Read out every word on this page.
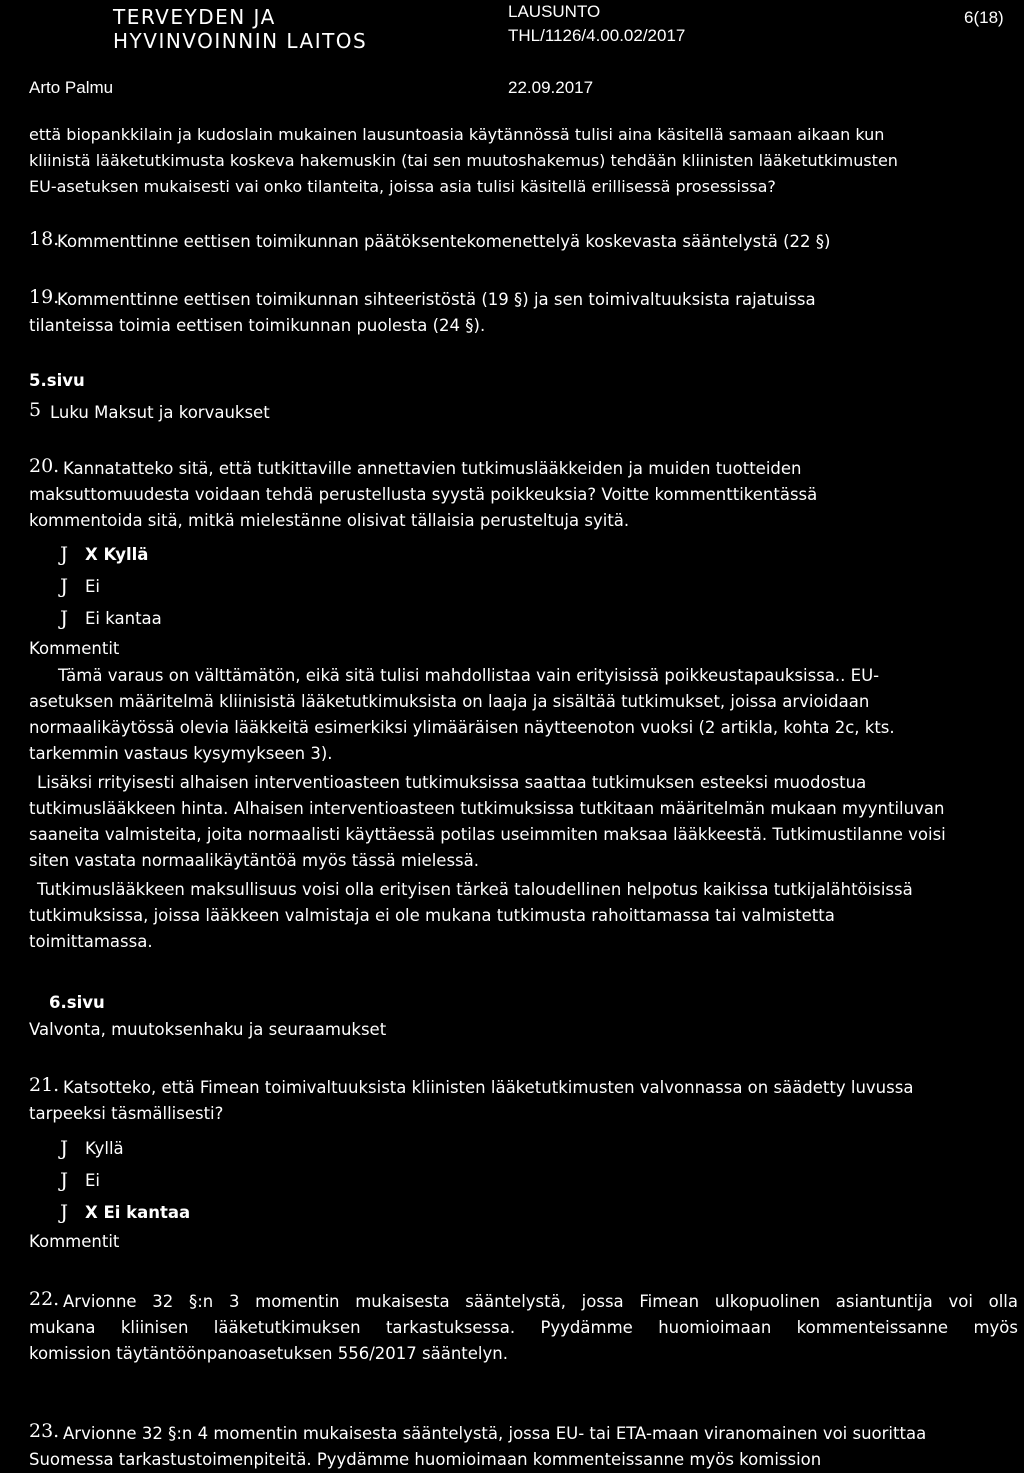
TERVEYDEN JA
HYVINVOINNIN LAITOS
LAUSUNTO
THL/1126/4.00.02/2017
6(18)
Arto Palmu	22.09.2017
että biopankkilain ja kudoslain mukainen lausuntoasia käytännössä tulisi aina käsitellä samaan aikaan kun
kliinistä lääketutkimusta koskeva hakemuskin (tai sen muutoshakemus) tehdään kliinisten lääketutkimusten
EU-asetuksen mukaisesti vai onko tilanteita, joissa asia tulisi käsitellä erillisessä prosessissa?
18.
Kommenttinne eettisen toimikunnan päätöksentekomenettelyä koskevasta sääntelystä (22 §)
19.
Kommenttinne eettisen toimikunnan sihteeristöstä (19 §) ja sen toimivaltuuksista rajatuissa
tilanteissa toimia eettisen toimikunnan puolesta (24 §).
5.sivu
5 Luku Maksut ja korvaukset
20. Kannatatteko sitä, että tutkittaville annettavien tutkimuslääkkeiden ja muiden tuotteiden
maksuttomuudesta voidaan tehdä perustellusta syystä poikkeuksia? Voitte kommenttikentässä
kommentoida sitä, mitkä mielestänne olisivat tällaisia perusteltuja syitä.
J X Kyllä
J Ei
J Ei kantaa
Kommentit
Tämä varaus on välttämätön, eikä sitä tulisi mahdollistaa vain erityisissä poikkeustapauksissa.. EU-
asetuksen määritelmä kliinisistä lääketutkimuksista on laaja ja sisältää tutkimukset, joissa arvioidaan
normaalikäytössä olevia lääkkeitä esimerkiksi ylimääräisen näytteenoton vuoksi (2 artikla, kohta 2c, kts.
tarkemmin vastaus kysymykseen 3).
Lisäksi rrityisesti alhaisen interventioasteen tutkimuksissa saattaa tutkimuksen esteeksi muodostua
tutkimuslääkkeen hinta. Alhaisen interventioasteen tutkimuksissa tutkitaan määritelmän mukaan myyntiluvan
saaneita valmisteita, joita normaalisti käyttäessä potilas useimmiten maksaa lääkkeestä. Tutkimustilanne voisi
siten vastata normaalikäytäntöä myös tässä mielessä.
Tutkimuslääkkeen maksullisuus voisi olla erityisen tärkeä taloudellinen helpotus kaikissa tutkijalähtöisissä
tutkimuksissa, joissa lääkkeen valmistaja ei ole mukana tutkimusta rahoittamassa tai valmistetta
toimittamassa.
6.sivu
Valvonta, muutoksenhaku ja seuraamukset
21. Katsotteko, että Fimean toimivaltuuksista kliinisten lääketutkimusten valvonnassa on säädetty luvussa
tarpeeksi täsmällisesti?
J Kyllä
J Ei
J X Ei kantaa
Kommentit
22. Arvionne 32 §:n 3 momentin mukaisesta sääntelystä, jossa Fimean ulkopuolinen asiantuntija voi olla
mukana kliinisen lääketutkimuksen tarkastuksessa. Pyydämme huomioimaan kommenteissanne myös
komission täytäntöönpanoasetuksen 556/2017 sääntelyn.
23. Arvionne 32 §:n 4 momentin mukaisesta sääntelystä, jossa EU- tai ETA-maan viranomainen voi suorittaa
Suomessa tarkastustoimenpiteitä. Pyydämme huomioimaan kommenteissanne myös komission
